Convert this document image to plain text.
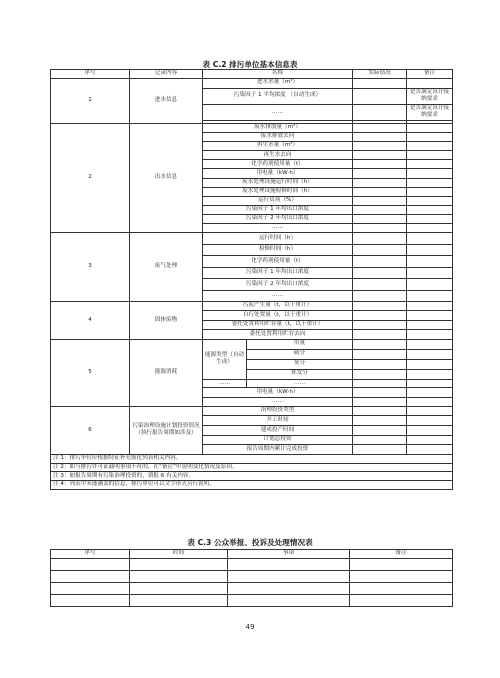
表 C.2 排污单位基本信息表
序号	记录内容	名称		实际情况	备注
1	进水信息	进水水量（m³）			
		污染因子 1 平均浓度 （自动生成）			是否满足设计接纳要求
		……			是否满足设计接纳要求

2	出水信息	废水排放量（m³）			
		废水排放去向			
		再生水量（m³）			
		再生水去向			
		化学药剂使用量（t）			
		用电量（kW·h）			
		废水处理设施运行时间（h）			
		废水处理设施检修时间（h）			
		运行负荷（%）			
		污染因子 1 年均出口浓度			
		污染因子 2 年均出口浓度			
		……			
3	废气处理	运行时间（h）			
		检修时间（h）			
		化学药剂使用量（t）			
		污染因子 1 年均出口浓度			
		污染因子 2 年均出口浓度			
		……			
4	固体废物	污泥产生量（t，以干重计）			
		自行处置量（t，以干重计）			
		委托处置利用贮存量（t，以干重计）			
		委托处置利用贮存去向			
5	能源消耗	能源类型（自动生成）	用量		
			硫分		
			灰分		
			挥发分		
		……	……		
		用电量（kW·h）			
		……			
6	污染治理设施计划投资情况（执行报告周期如涉及）	治理投资类型			
		开工时间			
		建成投产时间			
		计划总投资			
		报告周期内累计完成投资			
注 1：排污单位应根据特征补充细化列表相关内容。					
注 2：如与排污许可证载明事项不符的，在“备注”中说明变化情况及原因。					
注 3：如报告周期有污染治理投资的，填报 6 有关内容。					
注 4：列表中未能涵盖的信息，排污单位可以文字形式另行说明。					
序号	时间	事项	备注

表 C.3 公众举报、投诉及处理情况表
49
